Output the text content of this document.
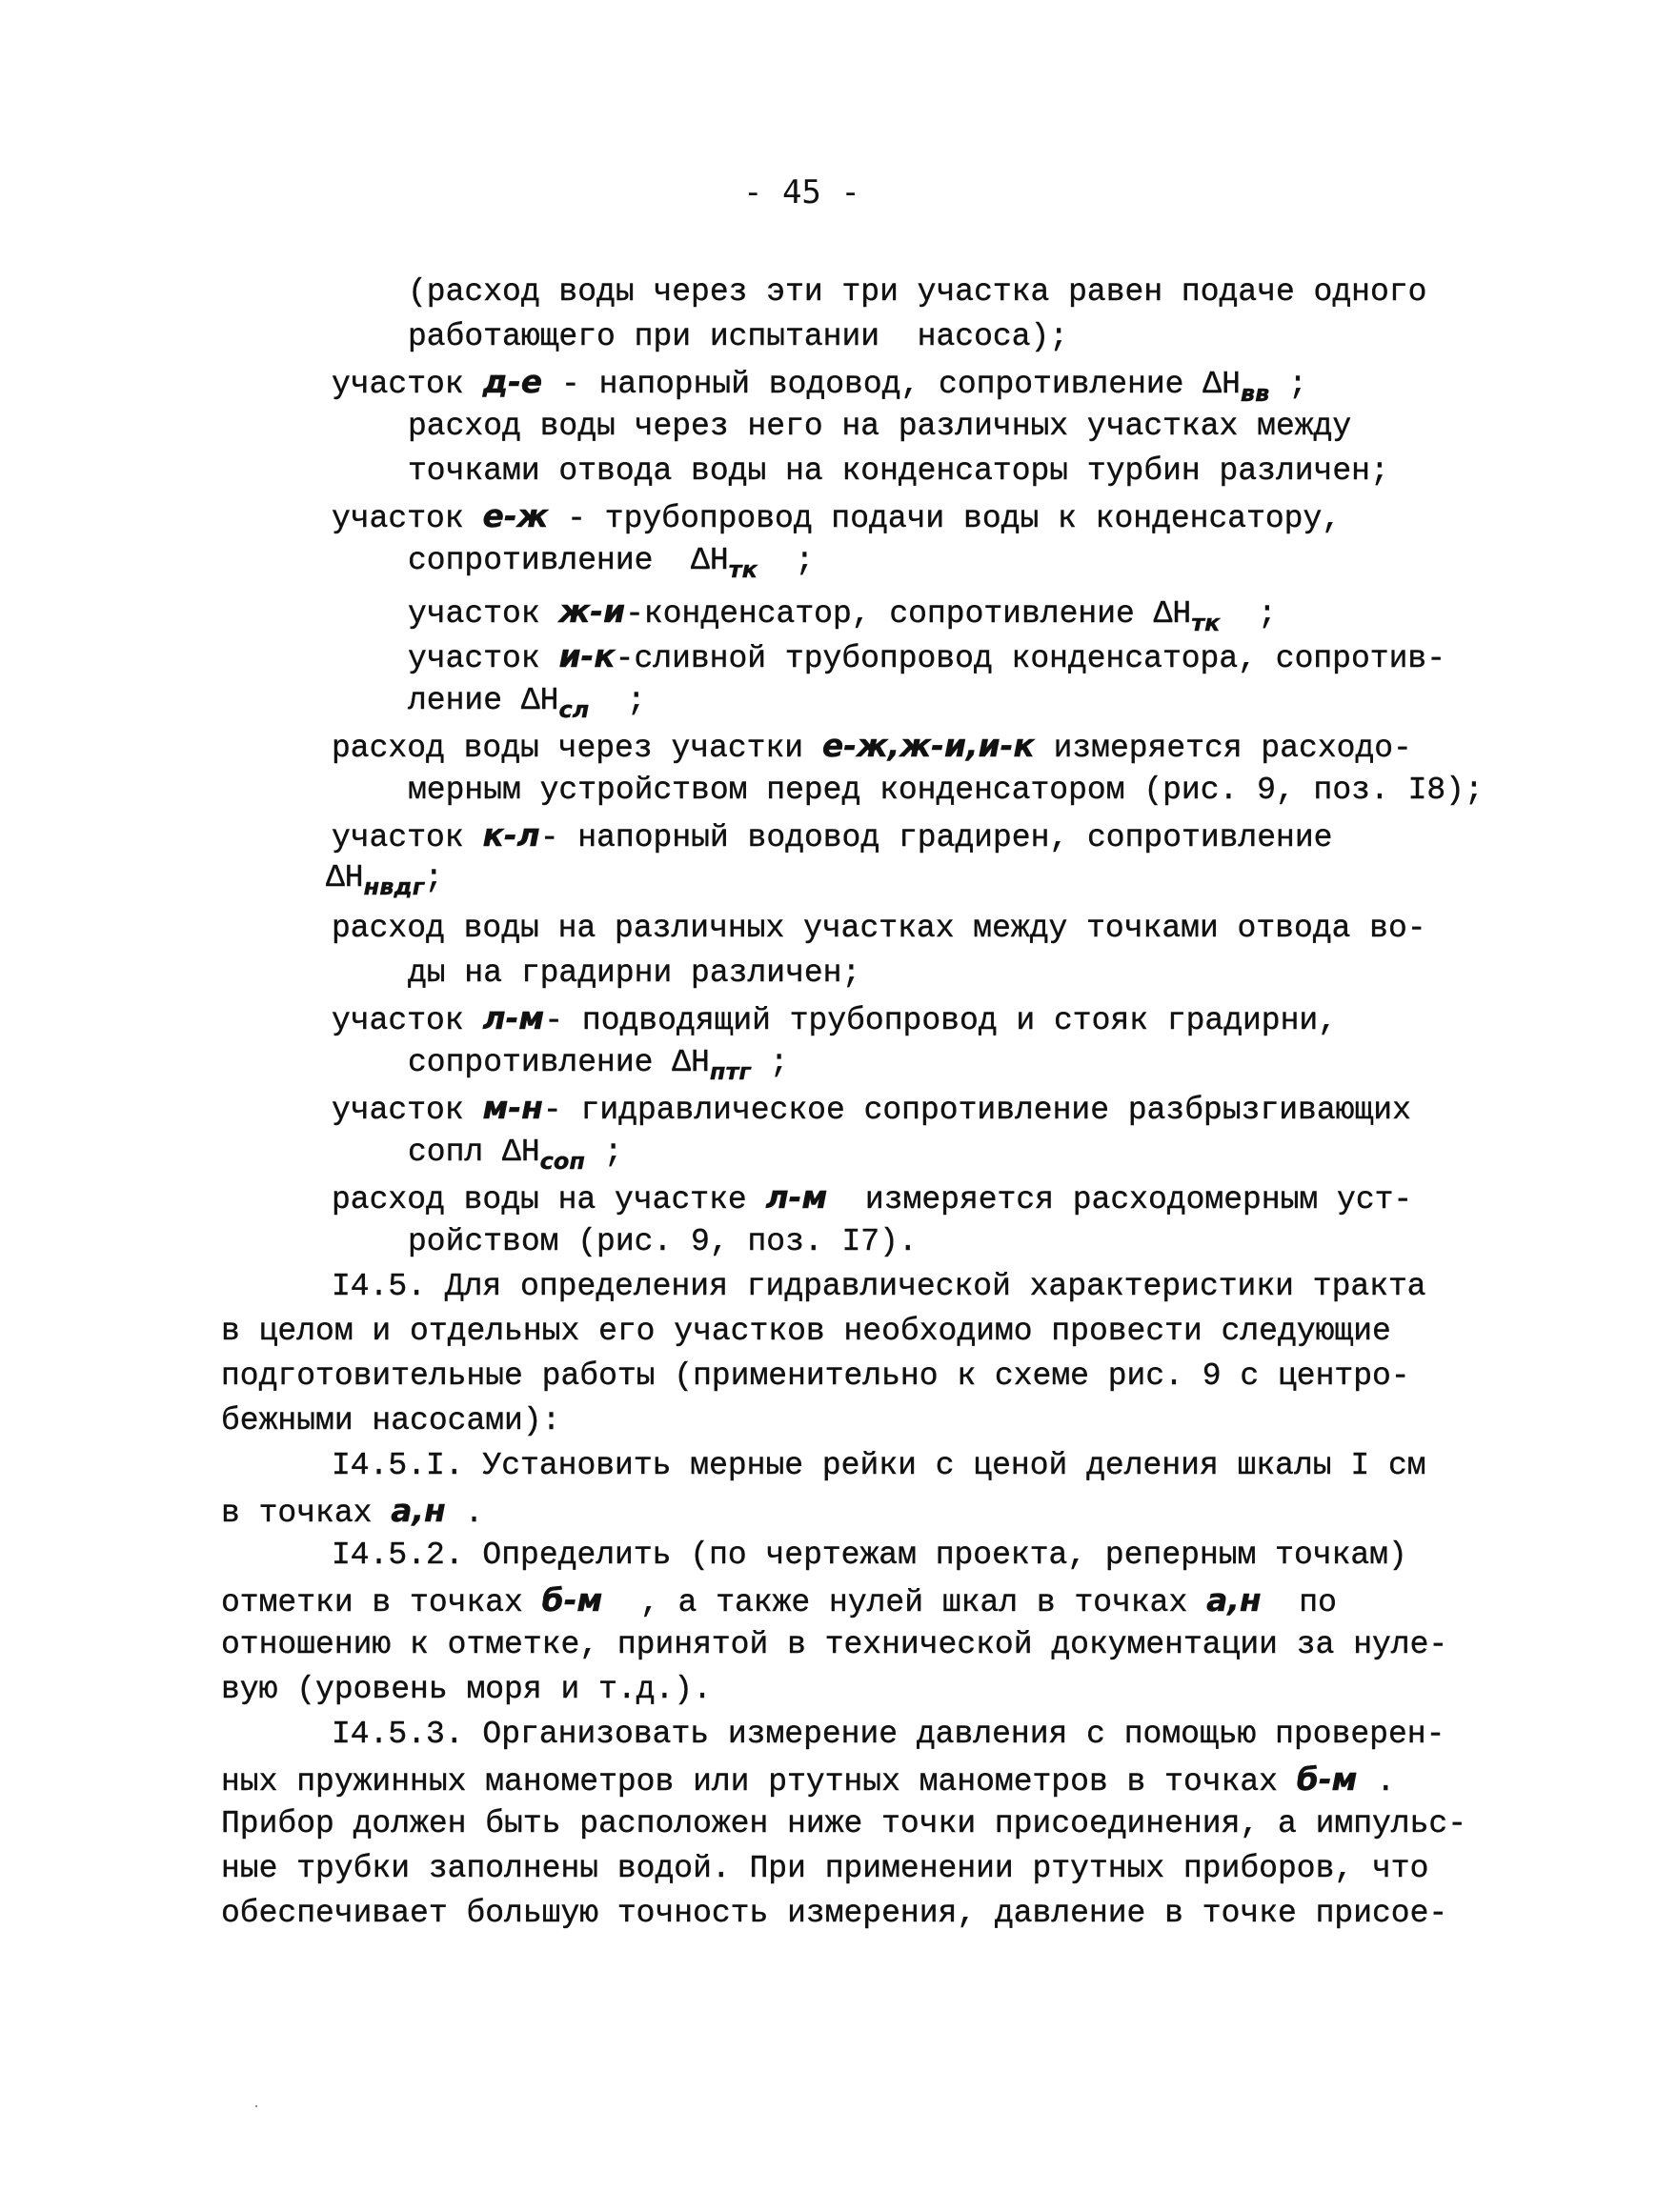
- 45 -
(расход воды через эти три участка равен подаче одного
работающего при испытании  насоса);
участок д-е - напорный водовод, сопротивление $\Delta H_{вв}$ ;
расход воды через него на различных участках между
точками отвода воды на конденсаторы турбин различен;
участок е-ж - трубопровод подачи воды к конденсатору,
сопротивление  $\Delta H_{тк}$  ;
участок ж-и-конденсатор, сопротивление $\Delta H_{тк}$  ;
участок и-к-сливной трубопровод конденсатора, сопротив-
ление $\Delta H_{сл}$  ;
расход воды через участки е-ж,ж-и,и-к измеряется расходо-
мерным устройством перед конденсатором (рис. 9, поз. I8);
участок к-л- напорный водовод градирен, сопротивление
$\Delta H_{нвдг}$;
расход воды на различных участках между точками отвода во-
ды на градирни различен;
участок л-м- подводящий трубопровод и стояк градирни,
сопротивление $\Delta H_{птг}$ ;
участок м-н- гидравлическое сопротивление разбрызгивающих
сопл $\Delta H_{соп}$ ;
расход воды на участке л-м  измеряется расходомерным уст-
ройством (рис. 9, поз. I7).
I4.5. Для определения гидравлической характеристики тракта
в целом и отдельных его участков необходимо провести следующие
подготовительные работы (применительно к схеме рис. 9 с центро-
бежными насосами):
I4.5.I. Установить мерные рейки с ценой деления шкалы I см
в точках а,н .
I4.5.2. Определить (по чертежам проекта, реперным точкам)
отметки в точках б-м  , а также нулей шкал в точках а,н  по
отношению к отметке, принятой в технической документации за нуле-
вую (уровень моря и т.д.).
I4.5.3. Организовать измерение давления с помощью проверен-
ных пружинных манометров или ртутных манометров в точках б-м .
Прибор должен быть расположен ниже точки присоединения, а импульс-
ные трубки заполнены водой. При применении ртутных приборов, что
обеспечивает большую точность измерения, давление в точке присое-
